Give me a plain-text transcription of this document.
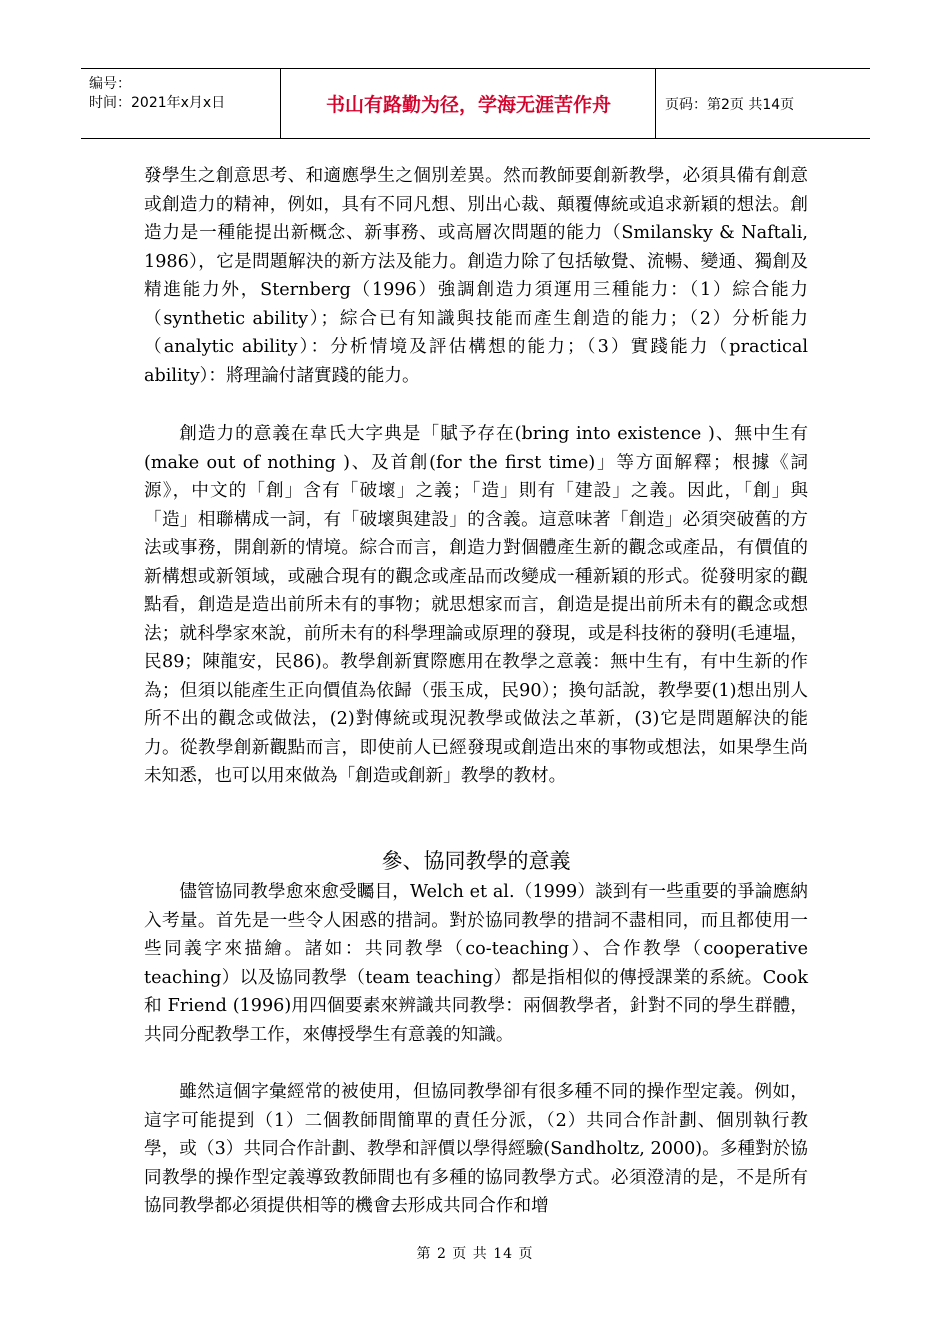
编号：
时间：2021年x月x日	书山有路勤为径，学海无涯苦作舟	页码：第2页 共14页
發學生之創意思考、和適應學生之個別差異。然而教師要創新教學，必須具備有創意或創造力的精神，例如，具有不同凡想、別出心裁、顛覆傳統或追求新穎的想法。創造力是一種能提出新概念、新事務、或高層次問題的能力（Smilansky & Naftali, 1986），它是問題解決的新方法及能力。創造力除了包括敏覺、流暢、變通、獨創及精進能力外，Sternberg（1996）強調創造力須運用三種能力：（1）綜合能力（synthetic ability）；綜合已有知識與技能而產生創造的能力；（2）分析能力（analytic ability）：分析情境及評估構想的能力；（3）實踐能力（practical ability）：將理論付諸實踐的能力。
創造力的意義在韋氏大字典是「賦予存在(bring into existence )、無中生有(make out of nothing )、及首創(for the first time)」等方面解釋；根據《詞源》，中文的「創」含有「破壞」之義；「造」則有「建設」之義。因此，「創」與「造」相聯構成一詞，有「破壞與建設」的含義。這意味著「創造」必須突破舊的方法或事務，開創新的情境。綜合而言，創造力對個體產生新的觀念或產品，有價值的新構想或新領域，或融合現有的觀念或產品而改變成一種新穎的形式。從發明家的觀點看，創造是造出前所未有的事物；就思想家而言，創造是提出前所未有的觀念或想法；就科學家來說，前所未有的科學理論或原理的發現，或是科技術的發明(毛連塭，民89；陳龍安，民86)。教學創新實際應用在教學之意義：無中生有，有中生新的作為；但須以能產生正向價值為依歸（張玉成，民90）；換句話說，教學要(1)想出別人所不出的觀念或做法，(2)對傳統或現況教學或做法之革新，(3)它是問題解決的能力。從教學創新觀點而言，即使前人已經發現或創造出來的事物或想法，如果學生尚未知悉，也可以用來做為「創造或創新」教學的教材。
參、協同教學的意義
儘管協同教學愈來愈受矚目，Welch et al.（1999）談到有一些重要的爭論應納入考量。首先是一些令人困惑的措詞。對於協同教學的措詞不盡相同，而且都使用一些同義字來描繪。諸如：共同教學（co-teaching）、合作教學（cooperative teaching）以及協同教學（team teaching）都是指相似的傳授課業的系統。Cook 和 Friend (1996)用四個要素來辨識共同教學：兩個教學者，針對不同的學生群體，共同分配教學工作，來傳授學生有意義的知識。
雖然這個字彙經常的被使用，但協同教學卻有很多種不同的操作型定義。例如，這字可能提到（1）二個教師間簡單的責任分派，（2）共同合作計劃、個別執行教學，或（3）共同合作計劃、教學和評價以學得經驗(Sandholtz, 2000)。多種對於協同教學的操作型定義導致教師間也有多種的協同教學方式。必須澄清的是，不是所有協同教學都必須提供相等的機會去形成共同合作和增
第 2 页 共 14 页
